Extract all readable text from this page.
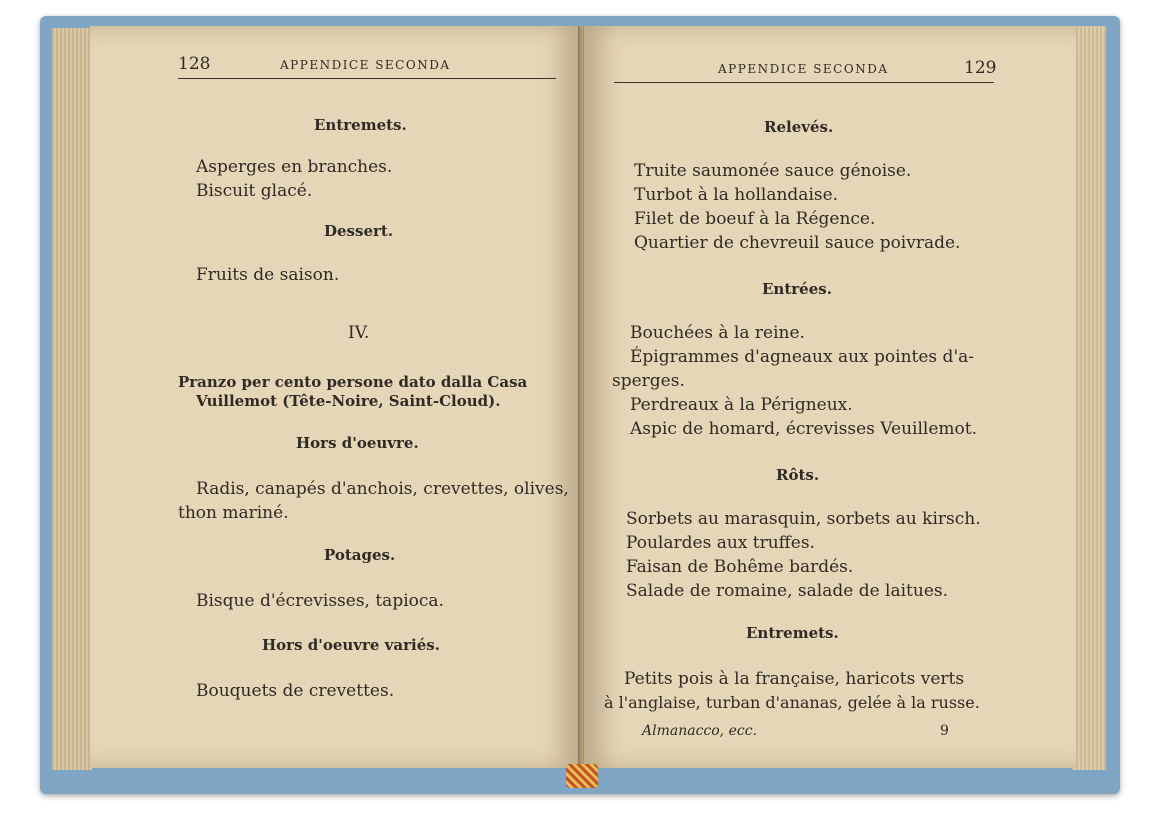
128	APPENDICE SECONDA
Entremets.
Asperges en branches.
Biscuit glacé.
Dessert.
Fruits de saison.
IV.
Pranzo per cento persone dato dalla Casa
Vuillemot (Tête-Noire, Saint-Cloud).
Hors d'oeuvre.
Radis, canapés d'anchois, crevettes, olives,
thon mariné.
Potages.
Bisque d'écrevisses, tapioca.
Hors d'oeuvre variés.
Bouquets de crevettes.
APPENDICE SECONDA	129
Relevés.
Truite saumonée sauce génoise.
Turbot à la hollandaise.
Filet de boeuf à la Régence.
Quartier de chevreuil sauce poivrade.
Entrées.
Bouchées à la reine.
Épigrammes d'agneaux aux pointes d'a-
sperges.
Perdreaux à la Périgneux.
Aspic de homard, écrevisses Veuillemot.
Rôts.
Sorbets au marasquin, sorbets au kirsch.
Poulardes aux truffes.
Faisan de Bohême bardés.
Salade de romaine, salade de laitues.
Entremets.
Petits pois à la française, haricots verts
à l'anglaise, turban d'ananas, gelée à la russe.
Almanacco, ecc.	9
